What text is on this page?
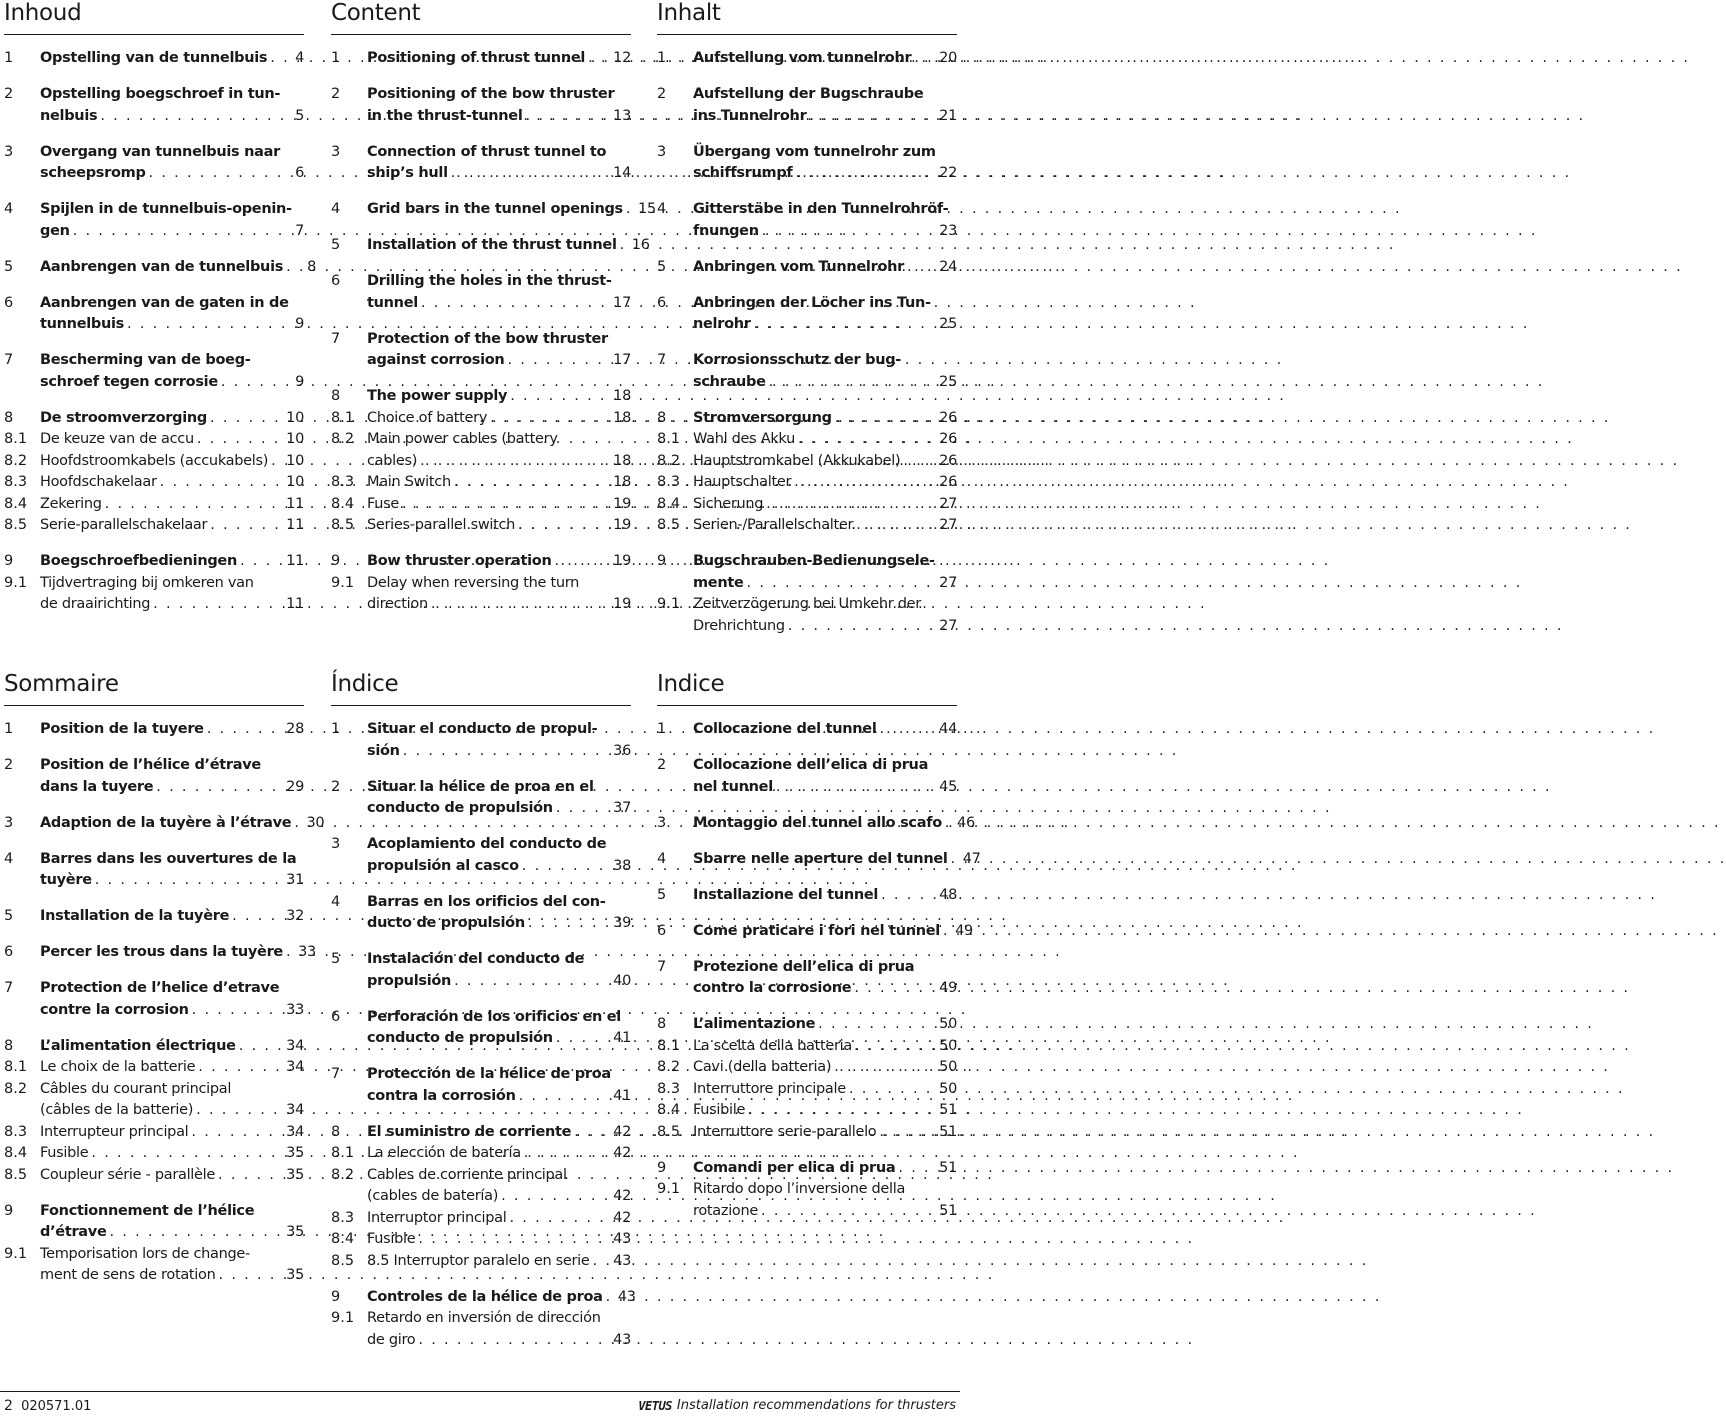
Inhoud
1	Opstelling van de tunnelbuis . . .	4
2	Opstelling boegschroef in tun-
nelbuis . . .	5
3	Overgang van tunnelbuis naar
scheepsromp . . .	6
4	Spijlen in de tunnelbuis-openin-
gen . . .	7
5	Aanbrengen van de tunnelbuis . . .	8
6	Aanbrengen van de gaten in de
tunnelbuis . . .	9
7	Bescherming van de boeg-
schroef tegen corrosie . . .	9
8	De stroomverzorging . . .	10
8.1 De keuze van de accu . . .	10
8.2 Hoofdstroomkabels (accukabels) . . .	10
8.3 Hoofdschakelaar . . .	10
8.4 Zekering . . .	11
8.5 Serie-parallelschakelaar . . .	11
9	Boegschroefbedieningen . . .	11
9.1 Tijdvertraging bij omkeren van
de draairichting . . .	11
Content
1	Positioning of thrust tunnel . . .	12
2	Positioning of the bow thruster
in the thrust-tunnel . . .	13
3	Connection of thrust tunnel to
ship’s hull . . .	14
4	Grid bars in the tunnel openings . . .	15
5	Installation of the thrust tunnel . . .	16
6	Drilling the holes in the thrust-
tunnel . . .	17
7	Protection of the bow thruster
against corrosion . . .	17
8	The power supply . . .	18
8.1 Choice of battery . . .	18
8.2 Main power cables (battery
cables) . . .	18
8.3 Main Switch . . .	18
8.4 Fuse . . .	19
8.5 Series-parallel switch . . .	19
9	Bow thruster operation . . .	19
9.1 Delay when reversing the turn
direction . . .	19
Inhalt
1	Aufstellung vom tunnelrohr . . .	20
2	Aufstellung der Bugschraube
ins Tunnelrohr . . .	21
3	Übergang vom tunnelrohr zum
schiffsrumpf . . .	22
4	Gitterstäbe in den Tunnelrohröf-
fnungen . . .	23
5	Anbringen vom Tunnelrohr . . .	24
6	Anbringen der Löcher ins Tun-
nelrohr . . .	25
7	Korrosionsschutz der bug-
schraube . . .	25
8	Stromversorgung . . .	26
8.1 Wahl des Akku . . .	26
8.2 Hauptstromkabel (Akkukabel) . . .	26
8.3 Hauptschalter . . .	26
8.4 Sicherung . . .	27
8.5 Serien-/Parallelschalter . . .	27
9	Bugschrauben-Bedienungsele-
mente . . .	27
9.1 Zeitverzögerung bei Umkehr der
Drehrichtung . . .	27
Sommaire
1	Position de la tuyere . . .	28
2	Position de l’hélice d’étrave
dans la tuyere . . .	29
3	Adaption de la tuyère à l’étrave . . .	30
4	Barres dans les ouvertures de la
tuyère . . .	31
5	Installation de la tuyère . . .	32
6	Percer les trous dans la tuyère . . .	33
7	Protection de l’helice d’etrave
contre la corrosion . . .	33
8	L’alimentation électrique . . .	34
8.1 Le choix de la batterie . . .	34
8.2 Câbles du courant principal
(câbles de la batterie) . . .	34
8.3 Interrupteur principal . . .	34
8.4 Fusible . . .	35
8.5 Coupleur série - parallèle . . .	35
9	Fonctionnement de l’hélice
d’étrave . . .	35
9.1 Temporisation lors de change-
ment de sens de rotation . . .	35
Índice
1	Situar el conducto de propul-
sión . . .	36
2	Situar la hélice de proa en el
conducto de propulsión . . .	37
3	Acoplamiento del conducto de
propulsión al casco . . .	38
4	Barras en los orificios del con-
ducto de propulsión . . .	39
5	Instalación del conducto de
propulsión . . .	40
6	Perforación de los orificios en el
conducto de propulsión . . .	41
7	Protección de la hélice de proa
contra la corrosión . . .	41
8	El suministro de corriente . . .	42
8.1 La elección de batería . . .	42
8.2 Cables de corriente principal
(cables de batería) . . .	42
8.3 Interruptor principal . . .	42
8.4 Fusible . . .	43
8.5 8.5 Interruptor paralelo en serie . . .	43
9	Controles de la hélice de proa . . .	43
9.1 Retardo en inversión de dirección
de giro . . .	43
Indice
1	Collocazione del tunnel . . .	44
2	Collocazione dell’elica di prua
nel tunnel . . .	45
3	Montaggio del tunnel allo scafo . . .	46
4	Sbarre nelle aperture del tunnel . . .	47
5	Installazione del tunnel . . .	48
6	Come praticare i fori nel tunnel . . .	49
7	Protezione dell’elica di prua
contro la corrosione . . .	49
8	L’alimentazione . . .	50
8.1 La scelta della batteria . . .	50
8.2 Cavi (della batteria) . . .	50
8.3 Interruttore principale . . .	50
8.4 Fusibile . . .	51
8.5 Interruttore serie-parallelo . . .	51
9	Comandi per elica di prua . . .	51
9.1 Ritardo dopo l’inversione della
rotazione . . .	51
2 020571.01	VETUS Installation recommendations for thrusters
